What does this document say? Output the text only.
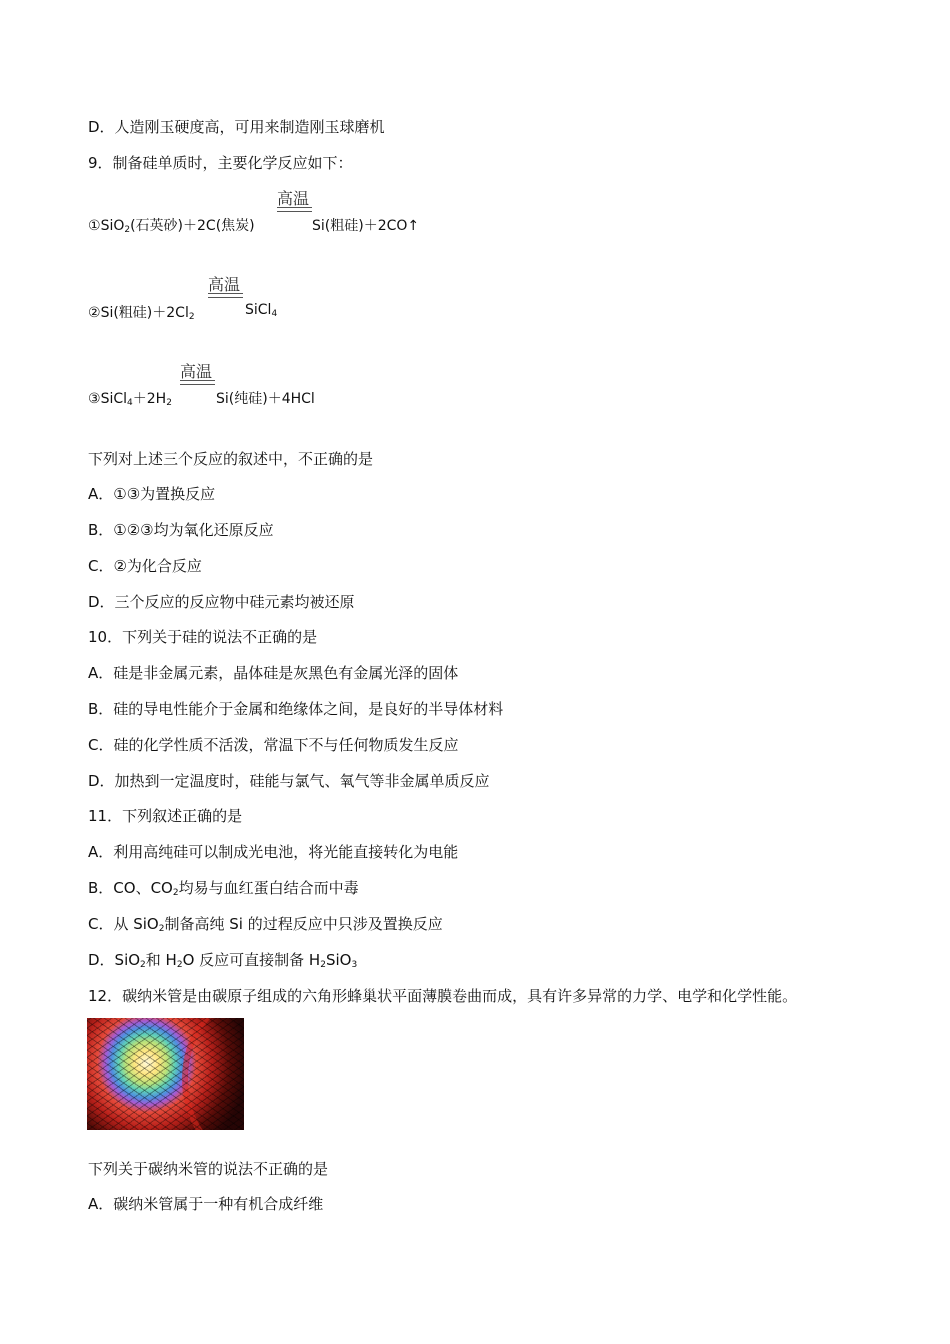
D．人造刚玉硬度高，可用来制造刚玉球磨机
9．制备硅单质时，主要化学反应如下：
高温
①SiO$_2$(石英砂)＋2C(焦炭)	Si(粗硅)＋2CO↑
高温
②Si(粗硅)$+2Cl_2$	SiCl$_4$
高温
$③SiCl_4+2H_2$	Si(纯硅)＋4HCl
下列对上述三个反应的叙述中，不正确的是
A．①③为置换反应
B．①②③均为氧化还原反应
C．②为化合反应
D．三个反应的反应物中硅元素均被还原
10．下列关于硅的说法不正确的是
A．硅是非金属元素，晶体硅是灰黑色有金属光泽的固体
B．硅的导电性能介于金属和绝缘体之间，是良好的半导体材料
C．硅的化学性质不活泼，常温下不与任何物质发生反应
D．加热到一定温度时，硅能与氯气、氧气等非金属单质反应
11．下列叙述正确的是
A．利用高纯硅可以制成光电池，将光能直接转化为电能
B．CO、$CO_2$均易与血红蛋白结合而中毒
C．从 SiO$_2$制备高纯 Si 的过程反应中只涉及置换反应
D．SiO$_2$和 $H_2O$ 反应可直接制备 $H_2SiO_3$
12．碳纳米管是由碳原子组成的六角形蜂巢状平面薄膜卷曲而成，具有许多异常的力学、电学和化学性能。
下列关于碳纳米管的说法不正确的是
A．碳纳米管属于一种有机合成纤维
